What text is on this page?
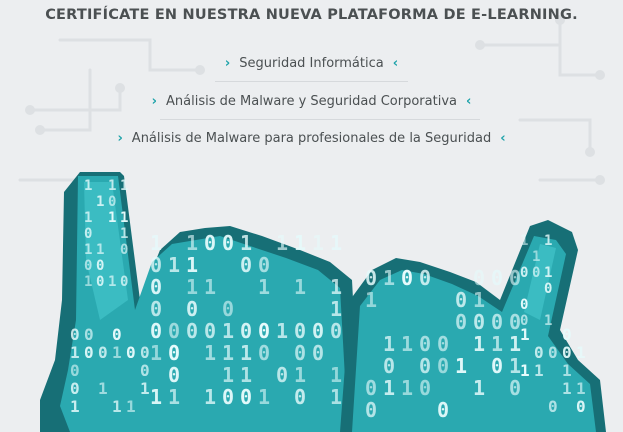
CERTIFÍCATE EN NUESTRA NUEVA PLATAFORMA DE E-LEARNING.
› Seguridad Informática ‹
› Análisis de Malware y Seguridad Corporativa ‹
› Análisis de Malware para profesionales de la Seguridad ‹
1 1 1
1 0
1 1 1
0 1
1 1 0
0 0
1 0 1 0
1 1 0 0 1 1 1 1 1
0 1 1 0 0
0 1 1 1 1 1
0 0 0	1
0 0 0 0 1 0 0 1 0 0 0
1 0 1 1 1 0 0 0
0 1 1 0 1 1
1 1 1 0 0 1 0 1
0 0 0
1 0 0 1 0 0
0	0
0 1 1
1 1 1
0 1 0 0 0 0 0
1	0 1
0 0 0 0
1 1 0 0 1 1 1
0 0 0 1 0 1
0 1 1 0 1 0
0	0
1 1
1
0 0 1
0
0
0 1
1 0
0 0 0 1
1 1 1
1 1
0 0
